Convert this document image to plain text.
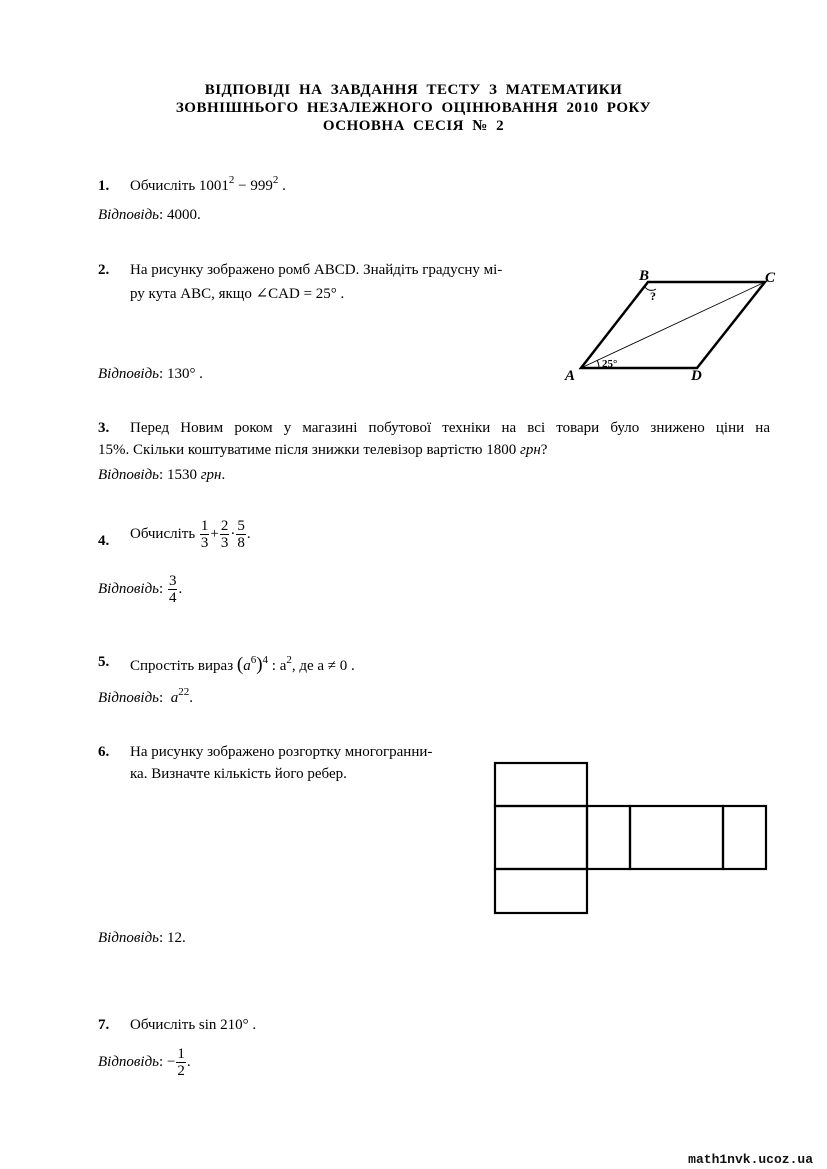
ВІДПОВІДІ НА ЗАВДАННЯ ТЕСТУ З МАТЕМАТИКИ
ЗОВНІШНЬОГО НЕЗАЛЕЖНОГО ОЦІНЮВАННЯ 2010 РОКУ
ОСНОВНА СЕСІЯ № 2
1. Обчисліть $1001^2 - 999^2$ .
Відповідь: 4000.
2. На рисунку зображено ромб ABCD. Знайдіть градусну мі-
ру кута ABC, якщо ∠CAD = 25° .
Відповідь: 130° .
B	C
A	D
25°
?
3. Перед Новим роком у магазині побутової техніки на всі товари було знижено ціни на
15%. Скільки коштуватиме після знижки телевізор вартістю 1800 грн?
Відповідь: 1530 грн.
4. Обчисліть $\frac{1}{3} + \frac{2}{3} \cdot \frac{5}{8}$ .
Відповідь: $\frac{3}{4}$ .
5. Спростіть вираз $(a^6)^4$ : $a^2$, де a ≠ 0 .
Відповідь:  $a^{22}$.
6. На рисунку зображено розгортку многогранни-
ка. Визначте кількість його ребер.
Відповідь: 12.
7. Обчисліть sin 210° .
Відповідь: − $\frac{1}{2}$ .
math1nvk.ucoz.ua
